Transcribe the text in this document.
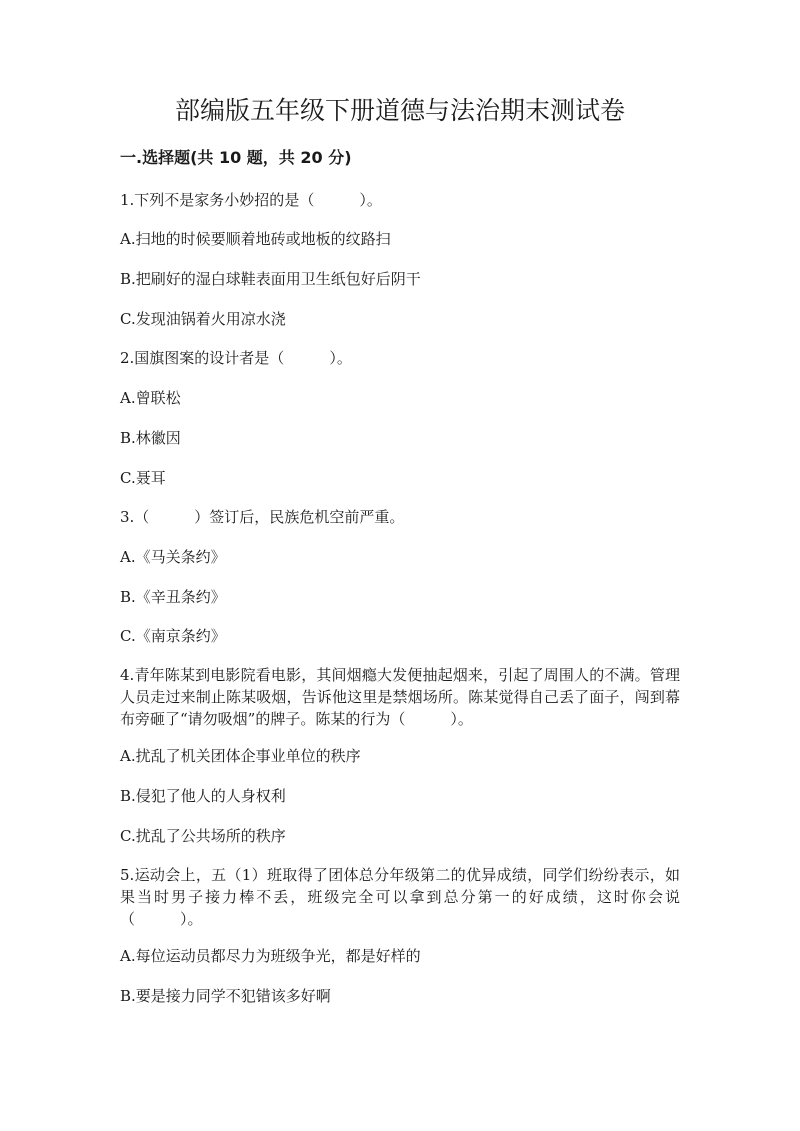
部编版五年级下册道德与法治期末测试卷
一.选择题(共 10 题，共 20 分)
1.下列不是家务小妙招的是（　　　）。
A.扫地的时候要顺着地砖或地板的纹路扫
B.把刷好的湿白球鞋表面用卫生纸包好后阴干
C.发现油锅着火用凉水浇
2.国旗图案的设计者是（　　　）。
A.曾联松
B.林徽因
C.聂耳
3.（　　　）签订后，民族危机空前严重。
A.《马关条约》
B.《辛丑条约》
C.《南京条约》
4.青年陈某到电影院看电影，其间烟瘾大发便抽起烟来，引起了周围人的不满。管理人员走过来制止陈某吸烟，告诉他这里是禁烟场所。陈某觉得自己丢了面子，闯到幕布旁砸了“请勿吸烟”的牌子。陈某的行为（　　　）。
A.扰乱了机关团体企事业单位的秩序
B.侵犯了他人的人身权利
C.扰乱了公共场所的秩序
5.运动会上，五（1）班取得了团体总分年级第二的优异成绩，同学们纷纷表示，如果当时男子接力棒不丢，班级完全可以拿到总分第一的好成绩，这时你会说（　　　）。
A.每位运动员都尽力为班级争光，都是好样的
B.要是接力同学不犯错该多好啊
